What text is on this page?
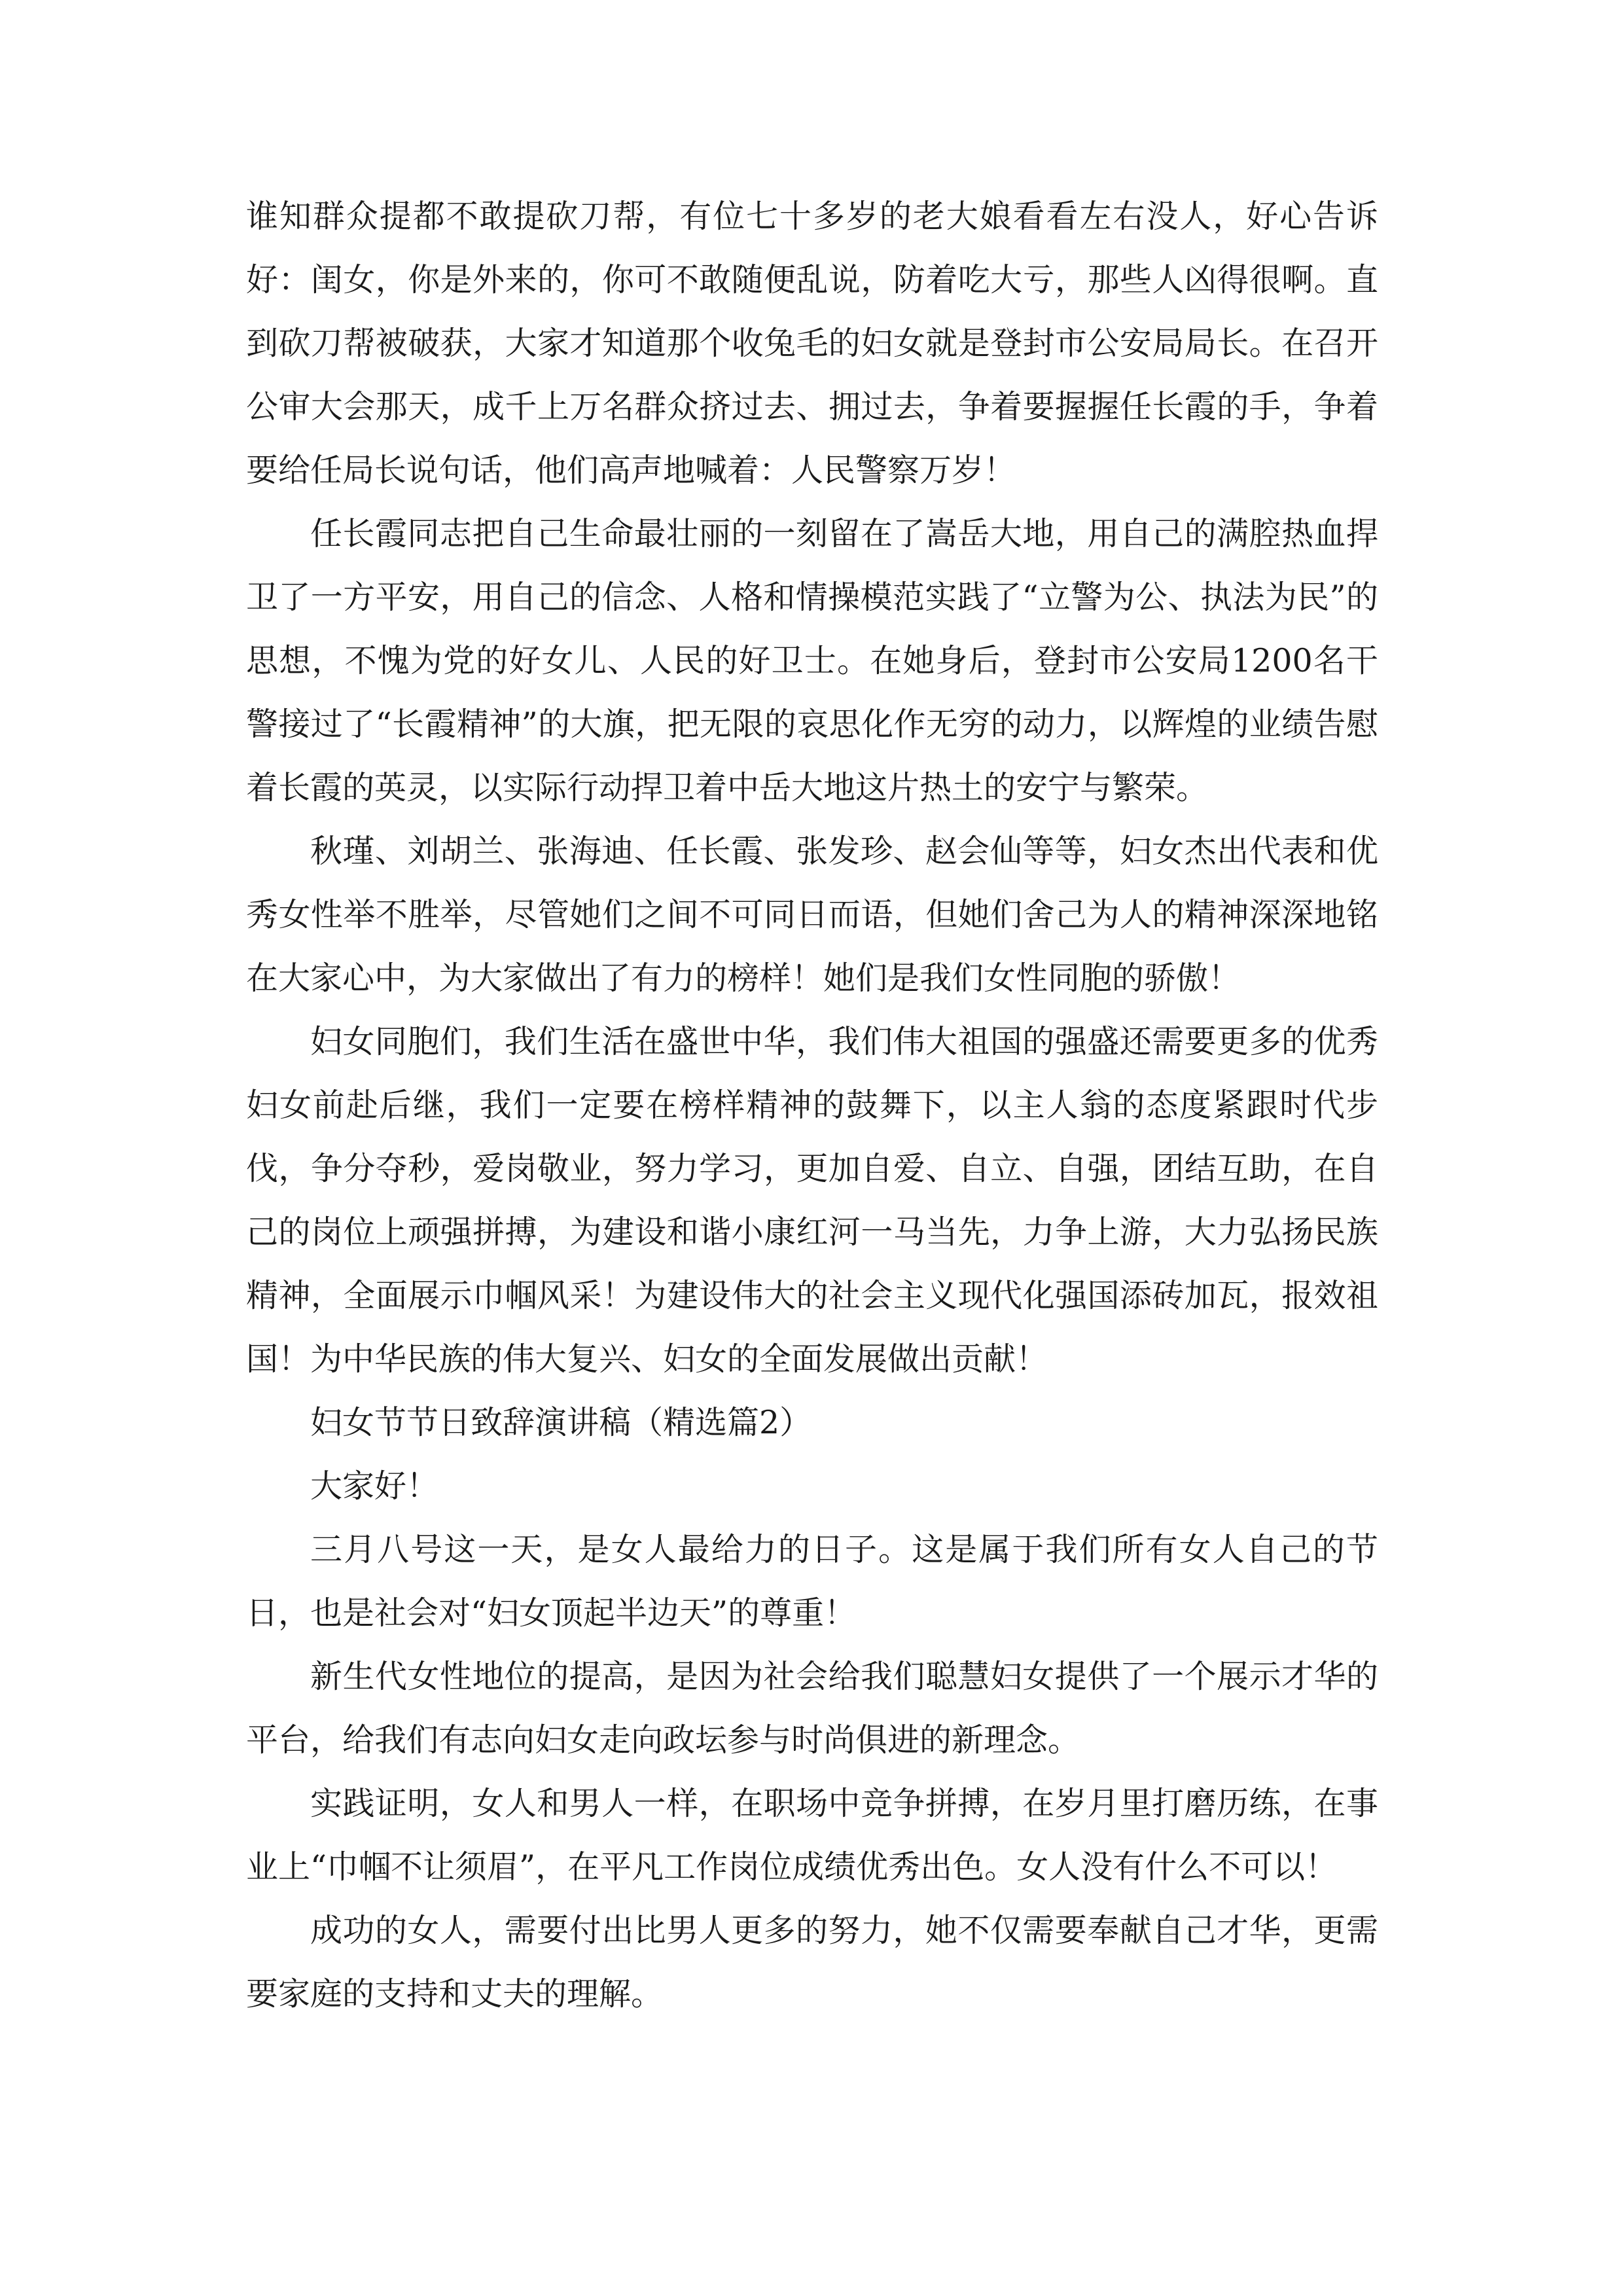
谁知群众提都不敢提砍刀帮，有位七十多岁的老大娘看看左右没人，好心告诉好：闺女，你是外来的，你可不敢随便乱说，防着吃大亏，那些人凶得很啊。直到砍刀帮被破获，大家才知道那个收兔毛的妇女就是登封市公安局局长。在召开公审大会那天，成千上万名群众挤过去、拥过去，争着要握握任长霞的手，争着要给任局长说句话，他们高声地喊着：人民警察万岁！

任长霞同志把自己生命最壮丽的一刻留在了嵩岳大地，用自己的满腔热血捍卫了一方平安，用自己的信念、人格和情操模范实践了“立警为公、执法为民”的思想，不愧为党的好女儿、人民的好卫士。在她身后，登封市公安局1200名干警接过了“长霞精神”的大旗，把无限的哀思化作无穷的动力，以辉煌的业绩告慰着长霞的英灵，以实际行动捍卫着中岳大地这片热土的安宁与繁荣。

秋瑾、刘胡兰、张海迪、任长霞、张发珍、赵会仙等等，妇女杰出代表和优秀女性举不胜举，尽管她们之间不可同日而语，但她们舍己为人的精神深深地铭在大家心中，为大家做出了有力的榜样！她们是我们女性同胞的骄傲！

妇女同胞们，我们生活在盛世中华，我们伟大祖国的强盛还需要更多的优秀妇女前赴后继，我们一定要在榜样精神的鼓舞下，以主人翁的态度紧跟时代步伐，争分夺秒，爱岗敬业，努力学习，更加自爱、自立、自强，团结互助，在自己的岗位上顽强拼搏，为建设和谐小康红河一马当先，力争上游，大力弘扬民族精神，全面展示巾帼风采！为建设伟大的社会主义现代化强国添砖加瓦，报效祖国！为中华民族的伟大复兴、妇女的全面发展做出贡献！

妇女节节日致辞演讲稿（精选篇2）

大家好！

三月八号这一天，是女人最给力的日子。这是属于我们所有女人自己的节日，也是社会对“妇女顶起半边天”的尊重！

新生代女性地位的提高，是因为社会给我们聪慧妇女提供了一个展示才华的平台，给我们有志向妇女走向政坛参与时尚俱进的新理念。

实践证明，女人和男人一样，在职场中竞争拼搏，在岁月里打磨历练，在事业上“巾帼不让须眉”，在平凡工作岗位成绩优秀出色。女人没有什么不可以！

成功的女人，需要付出比男人更多的努力，她不仅需要奉献自己才华，更需要家庭的支持和丈夫的理解。
